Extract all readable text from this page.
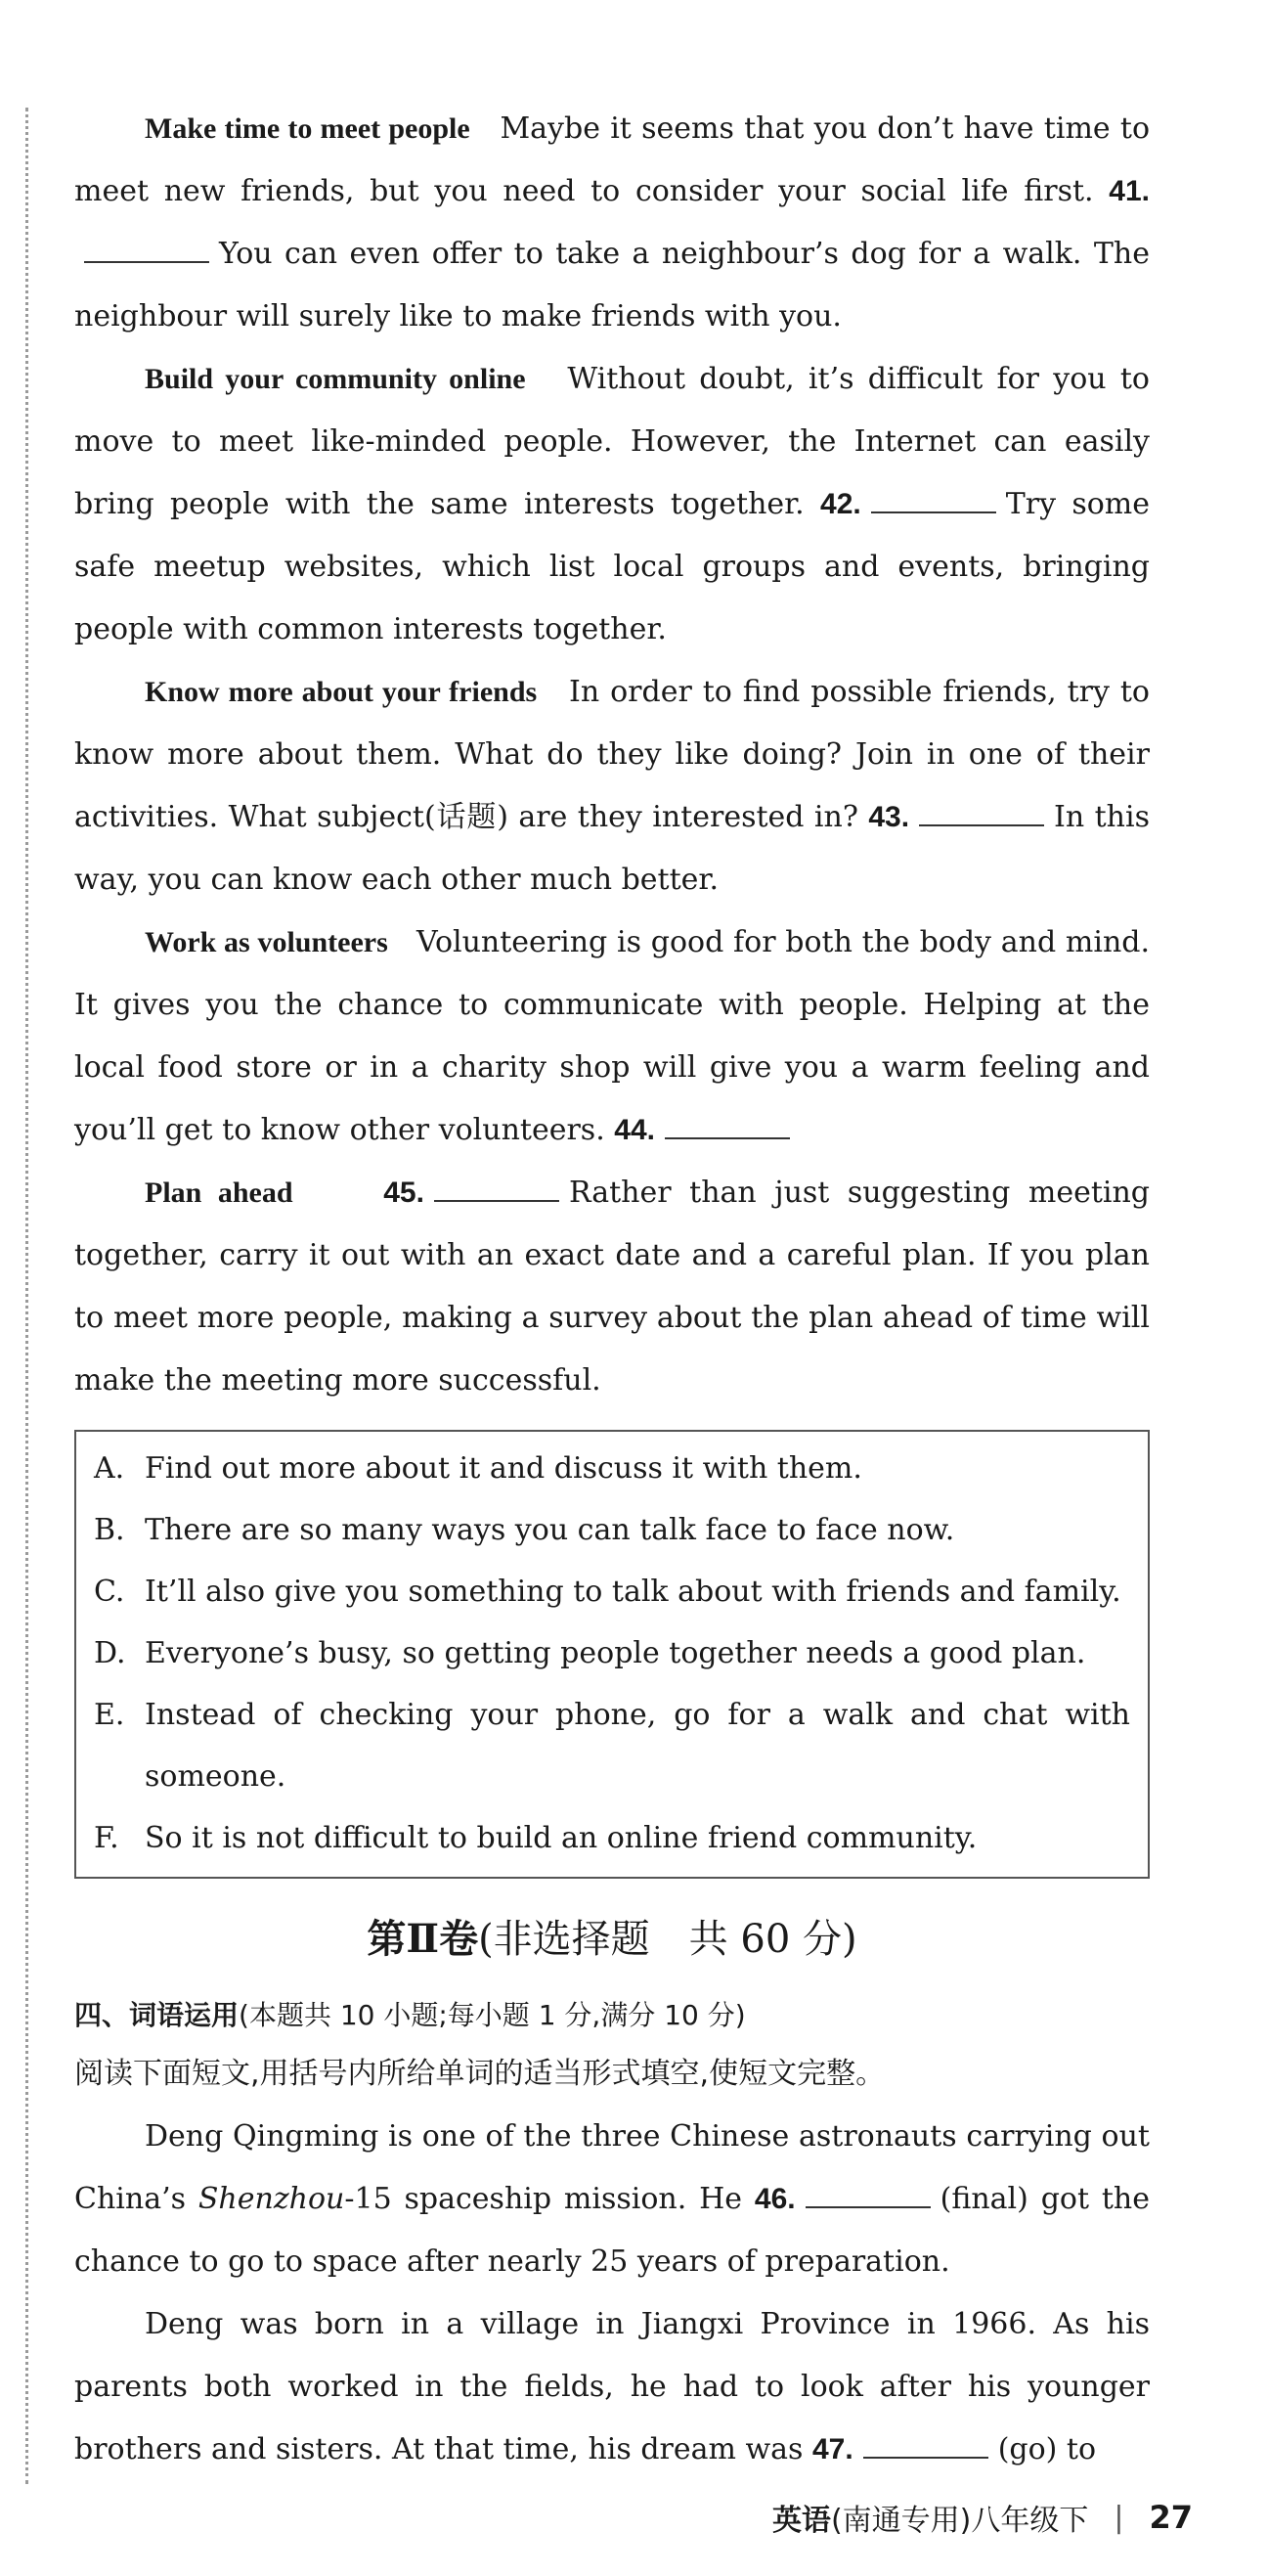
Make time to meet people Maybe it seems that you don’t have time to meet new friends, but you need to consider your social life first. 41.You can even offer to take a neighbour’s dog for a walk. The neighbour will surely like to make friends with you.

Build your community online Without doubt, it’s difficult for you to move to meet like-minded people. However, the Internet can easily bring people with the same interests together. 42.	Try some safe meetup websites, which list local groups and events, bringing people with common interests together.

Know more about your friends In order to find possible friends, try to know more about them. What do they like doing? Join in one of their activities. What subject(话题) are they interested in? 43.	In this way, you can know each other much better.

Work as volunteers Volunteering is good for both the body and mind. It gives you the chance to communicate with people. Helping at the local food store or in a charity shop will give you a warm feeling and you’ll get to know other volunteers. 44.

Plan ahead	45.	Rather than just suggesting meeting together, carry it out with an exact date and a careful plan. If you plan to meet more people, making a survey about the plan ahead of time will make the meeting more successful.

A. Find out more about it and discuss it with them.
B. There are so many ways you can talk face to face now.
C. It’ll also give you something to talk about with friends and family.
D. Everyone’s busy, so getting people together needs a good plan.
E. Instead of checking your phone, go for a walk and chat with someone.
F. So it is not difficult to build an online friend community.
第Ⅱ卷(非选择题　共 60 分)

四、词语运用(本题共 10 小题;每小题 1 分,满分 10 分)

阅读下面短文,用括号内所给单词的适当形式填空,使短文完整。

Deng Qingming is one of the three Chinese astronauts carrying out China’s Shenzhou-15 spaceship mission. He 46.	(final) got the chance to go to space after nearly 25 years of preparation.

Deng was born in a village in Jiangxi Province in 1966. As his parents both worked in the fields, he had to look after his younger brothers and sisters. At that time, his dream was 47.	(go) to

英语 (南通专用)八年级下 | 27
